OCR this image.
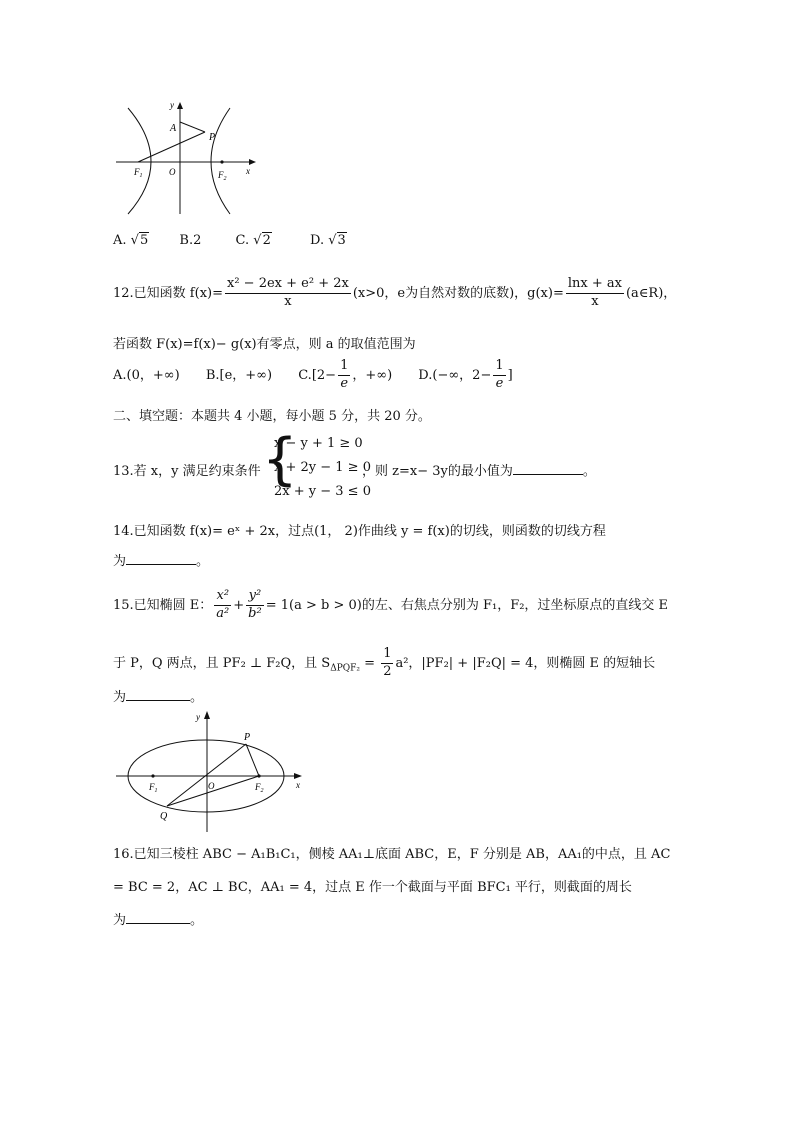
y
x
A
P
$F_1$	O	$F_2$
A. √5 B.2	C. √2	D. √3
12.已知函数 $f(x)= \frac{\text{x² − 2ex + e² + 2x}}{x} (x>0$，e为自然对数的底数)，$g(x)= \frac{\ln x + ax}{x}$ (a∈R)，
若函数 F(x)=f(x)− g(x)有零点，则 a 的取值范围为
A.(0，+∞) B.[e，+∞) $C.[2- \frac{1}{e}$ ，+∞) D.(−∞，$2- \frac{1}{e}$ ]
二、填空题：本题共 4 小题，每小题 5 分，共 20 分。
13.若 x，y 满足约束条件 {
x − y + 1 ≥ 0
x + 2y − 1 ≥ 0
2x + y − 3 ≤ 0
，则 z=x− 3y的最小值为	。
14.已知函数 f(x)= eˣ + 2x，过点(1， 2)作曲线 y = f(x)的切线，则函数的切线方程
为	。
15.已知椭圆 E： $\frac{\text{x²}}{\text{a²}} + \frac{\text{y²}}{\text{b²}} = 1(a > b > 0)$的左、右焦点分别为 F₁，F₂，过坐标原点的直线交 E
于 P，Q 两点，且 PF₂ ⊥ F₂Q，且 $S_{\Delta PQF_2} = \frac{1}{2} a^2$，|PF₂| + |F₂Q| = 4，则椭圆 E 的短轴长
为	。
y
x
P
Q
O
$F_1$	$F_2$
16.已知三棱柱 ABC − A₁B₁C₁，侧棱 AA₁⊥底面 ABC，E，F 分别是 AB，AA₁的中点，且 AC
= BC = 2，AC ⊥ BC，AA₁ = 4，过点 E 作一个截面与平面 BFC₁ 平行，则截面的周长
为	。
